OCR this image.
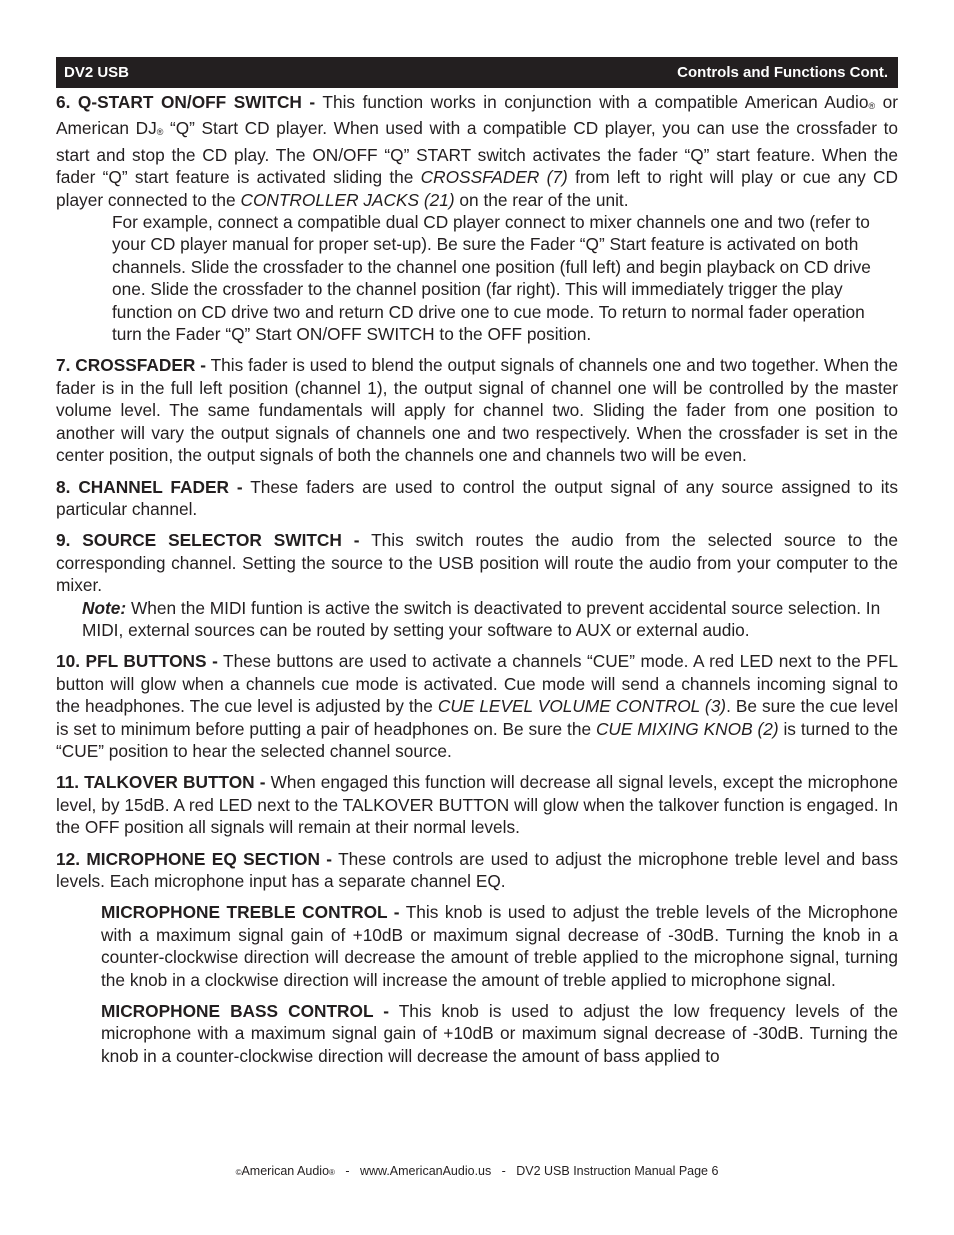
DV2 USB	Controls and Functions Cont.

6. Q-START ON/OFF SWITCH - This function works in conjunction with a compatible American Audio® or American DJ® “Q” Start CD player. When used with a compatible CD player, you can use the crossfader to start and stop the CD play. The ON/OFF “Q” START switch activates the fader “Q” start feature. When the fader “Q” start feature is activated sliding the CROSSFADER (7) from left to right will play or cue any CD player connected to the CONTROLLER JACKS (21) on the rear of the unit.

For example, connect a compatible dual CD player connect to mixer channels one and two (refer to your CD player manual for proper set-up). Be sure the Fader “Q” Start feature is activated on both channels. Slide the crossfader to the channel one position (full left) and begin playback on CD drive one. Slide the crossfader to the channel position (far right). This will immediately trigger the play function on CD drive two and return CD drive one to cue mode. To return to normal fader operation turn the Fader “Q” Start ON/OFF SWITCH to the OFF position.

7. CROSSFADER - This fader is used to blend the output signals of channels one and two together. When the fader is in the full left position (channel 1), the output signal of channel one will be controlled by the master volume level. The same fundamentals will apply for channel two. Sliding the fader from one position to another will vary the output signals of channels one and two respectively. When the crossfader is set in the center position, the output signals of both the channels one and channels two will be even.

8. CHANNEL FADER - These faders are used to control the output signal of any source assigned to its particular channel.

9. SOURCE SELECTOR SWITCH - This switch routes the audio from the selected source to the corresponding channel. Setting the source to the USB position will route the audio from your computer to the mixer.

Note: When the MIDI funtion is active the switch is deactivated to prevent accidental source selection. In MIDI, external sources can be routed by setting your software to AUX or external audio.

10. PFL BUTTONS - These buttons are used to activate a channels “CUE” mode. A red LED next to the PFL button will glow when a channels cue mode is activated. Cue mode will send a channels incoming signal to the headphones. The cue level is adjusted by the CUE LEVEL VOLUME CONTROL (3). Be sure the cue level is set to minimum before putting a pair of headphones on. Be sure the CUE MIXING KNOB (2) is turned to the “CUE” position to hear the selected channel source.

11. TALKOVER BUTTON - When engaged this function will decrease all signal levels, except the microphone level, by 15dB. A red LED next to the TALKOVER BUTTON will glow when the talkover function is engaged. In the OFF position all signals will remain at their normal levels.

12. MICROPHONE EQ SECTION - These controls are used to adjust the microphone treble level and bass levels. Each microphone input has a separate channel EQ.

MICROPHONE TREBLE CONTROL - This knob is used to adjust the treble levels of the Microphone with a maximum signal gain of +10dB or maximum signal decrease of -30dB. Turning the knob in a counter-clockwise direction will decrease the amount of treble applied to the microphone signal, turning the knob in a clockwise direction will increase the amount of treble applied to microphone signal.

MICROPHONE BASS CONTROL - This knob is used to adjust the low frequency levels of the microphone with a maximum signal gain of +10dB or maximum signal decrease of -30dB. Turning the knob in a counter-clockwise direction will decrease the amount of bass applied to

©American Audio®   -   www.AmericanAudio.us   -   DV2 USB Instruction Manual Page 6
